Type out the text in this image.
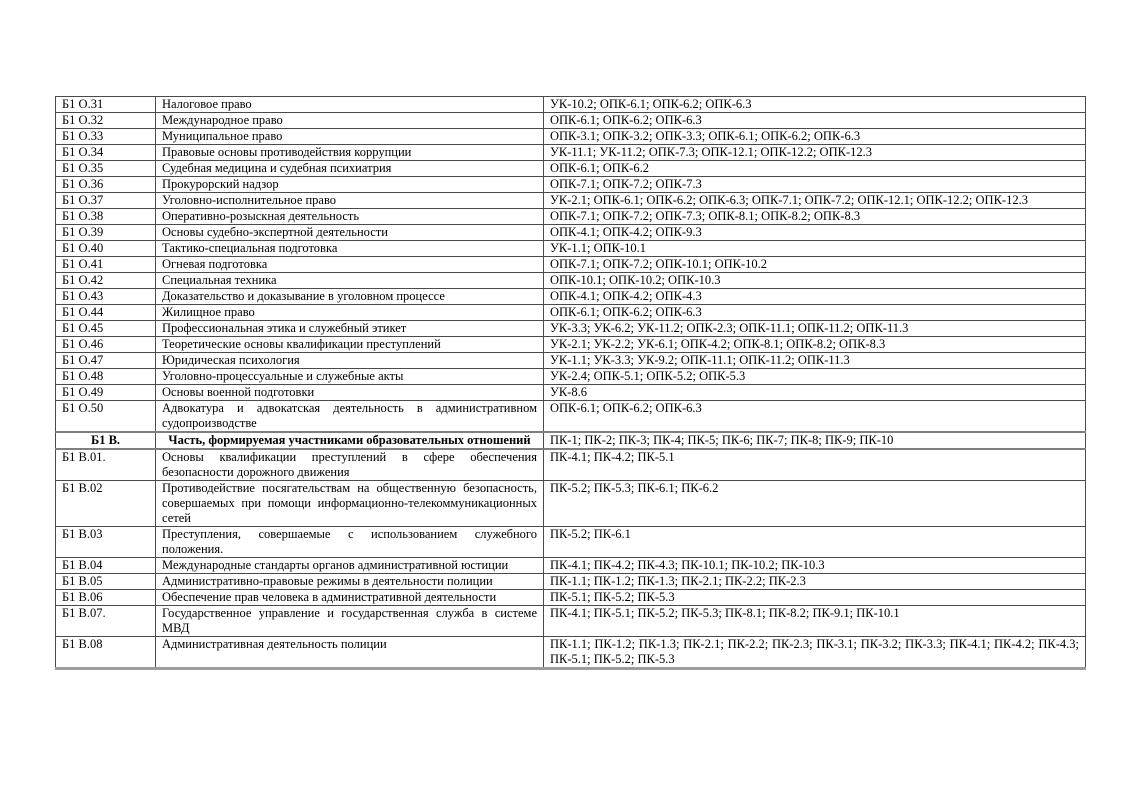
Б1 О.31	Налоговое право	УК-10.2; ОПК-6.1; ОПК-6.2; ОПК-6.3
Б1 О.32	Международное право	ОПК-6.1; ОПК-6.2; ОПК-6.3
Б1 О.33	Муниципальное право	ОПК-3.1; ОПК-3.2; ОПК-3.3; ОПК-6.1; ОПК-6.2; ОПК-6.3
Б1 О.34	Правовые основы противодействия коррупции	УК-11.1; УК-11.2; ОПК-7.3; ОПК-12.1; ОПК-12.2; ОПК-12.3
Б1 О.35	Судебная медицина и судебная психиатрия	ОПК-6.1; ОПК-6.2
Б1 О.36	Прокурорский надзор	ОПК-7.1; ОПК-7.2; ОПК-7.3
Б1 О.37	Уголовно-исполнительное право	УК-2.1; ОПК-6.1; ОПК-6.2; ОПК-6.3; ОПК-7.1; ОПК-7.2; ОПК-12.1; ОПК-12.2; ОПК-12.3
Б1 О.38	Оперативно-розыскная деятельность	ОПК-7.1; ОПК-7.2; ОПК-7.3; ОПК-8.1; ОПК-8.2; ОПК-8.3
Б1 О.39	Основы судебно-экспертной деятельности	ОПК-4.1; ОПК-4.2; ОПК-9.3
Б1 О.40	Тактико-специальная подготовка	УК-1.1; ОПК-10.1
Б1 О.41	Огневая подготовка	ОПК-7.1; ОПК-7.2; ОПК-10.1; ОПК-10.2
Б1 О.42	Специальная техника	ОПК-10.1; ОПК-10.2; ОПК-10.3
Б1 О.43	Доказательство и доказывание в уголовном процессе	ОПК-4.1; ОПК-4.2; ОПК-4.3
Б1 О.44	Жилищное право	ОПК-6.1; ОПК-6.2; ОПК-6.3
Б1 О.45	Профессиональная этика и служебный этикет	УК-3.3; УК-6.2; УК-11.2; ОПК-2.3; ОПК-11.1; ОПК-11.2; ОПК-11.3
Б1 О.46	Теоретические основы квалификации преступлений	УК-2.1; УК-2.2; УК-6.1; ОПК-4.2; ОПК-8.1; ОПК-8.2; ОПК-8.3
Б1 О.47	Юридическая психология	УК-1.1; УК-3.3; УК-9.2; ОПК-11.1; ОПК-11.2; ОПК-11.3
Б1 О.48	Уголовно-процессуальные и служебные акты	УК-2.4; ОПК-5.1; ОПК-5.2; ОПК-5.3
Б1 О.49	Основы военной подготовки	УК-8.6
Б1 О.50	Адвокатура и адвокатская деятельность в административном судопроизводстве	ОПК-6.1; ОПК-6.2; ОПК-6.3
Б1 В.	Часть, формируемая участниками образовательных отношений	ПК-1; ПК-2; ПК-3; ПК-4; ПК-5; ПК-6; ПК-7; ПК-8; ПК-9; ПК-10
Б1 В.01.	Основы квалификации преступлений в сфере обеспечения безопасности дорожного движения	ПК-4.1; ПК-4.2; ПК-5.1
Б1 В.02	Противодействие посягательствам на общественную безопасность, совершаемых при помощи информационно-телекоммуникационных сетей	ПК-5.2; ПК-5.3; ПК-6.1; ПК-6.2
Б1 В.03	Преступления, совершаемые с использованием служебного положения.	ПК-5.2; ПК-6.1
Б1 В.04	Международные стандарты органов административной юстиции	ПК-4.1; ПК-4.2; ПК-4.3; ПК-10.1; ПК-10.2; ПК-10.3
Б1 В.05	Административно-правовые режимы в деятельности полиции	ПК-1.1; ПК-1.2; ПК-1.3; ПК-2.1; ПК-2.2; ПК-2.3
Б1 В.06	Обеспечение прав человека в административной деятельности	ПК-5.1; ПК-5.2; ПК-5.3
Б1 В.07.	Государственное управление и государственная служба в системе МВД	ПК-4.1; ПК-5.1; ПК-5.2; ПК-5.3; ПК-8.1; ПК-8.2; ПК-9.1; ПК-10.1
Б1 В.08	Административная деятельность полиции	ПК-1.1; ПК-1.2; ПК-1.3; ПК-2.1; ПК-2.2; ПК-2.3; ПК-3.1; ПК-3.2; ПК-3.3; ПК-4.1; ПК-4.2; ПК-4.3; ПК-5.1; ПК-5.2; ПК-5.3
